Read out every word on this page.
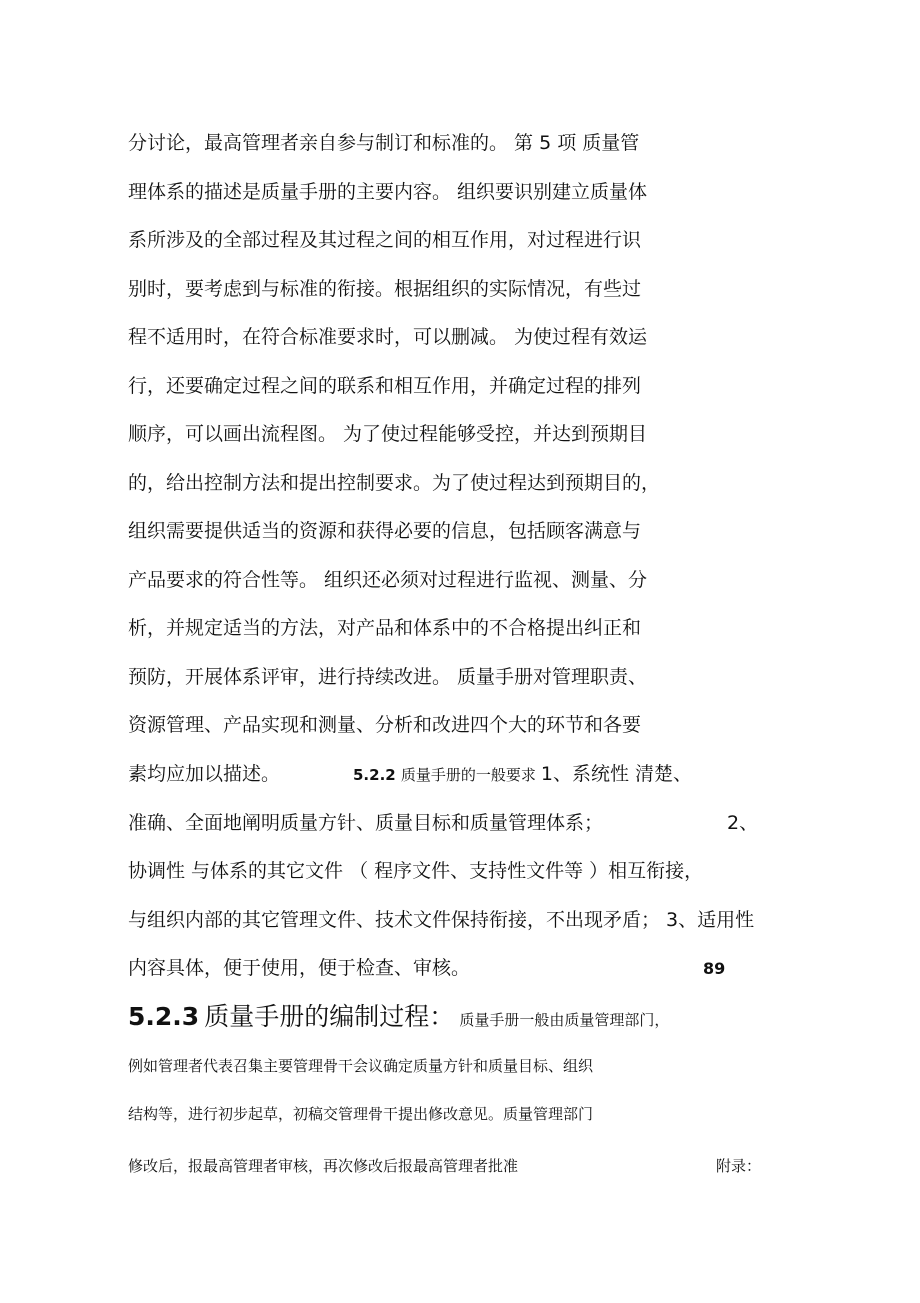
分讨论，最高管理者亲自参与制订和标准的。 第 5 项 质量管
理体系的描述是质量手册的主要内容。 组织要识别建立质量体
系所涉及的全部过程及其过程之间的相互作用，对过程进行识
别时，要考虑到与标准的衔接。根据组织的实际情况，有些过
程不适用时，在符合标准要求时，可以删减。 为使过程有效运
行，还要确定过程之间的联系和相互作用，并确定过程的排列
顺序，可以画出流程图。 为了使过程能够受控，并达到预期目
的，给出控制方法和提出控制要求。为了使过程达到预期目的，
组织需要提供适当的资源和获得必要的信息，包括顾客满意与
产品要求的符合性等。 组织还必须对过程进行监视、测量、分
析，并规定适当的方法，对产品和体系中的不合格提出纠正和
预防，开展体系评审，进行持续改进。 质量手册对管理职责、
资源管理、产品实现和测量、分析和改进四个大的环节和各要
素均应加以描述。	5.2.2 质量手册的一般要求 1、系统性 清楚、
准确、全面地阐明质量方针、质量目标和质量管理体系；	2、
协调性 与体系的其它文件 （ 程序文件、支持性文件等 ）相互衔接，
与组织内部的其它管理文件、技术文件保持衔接，不出现矛盾； 3、适用性
内容具体，便于使用，便于检查、审核。	89
5.2.3 质量手册的编制过程： 质量手册一般由质量管理部门，
例如管理者代表召集主要管理骨干会议确定质量方针和质量目标、组织
结构等，进行初步起草，初稿交管理骨干提出修改意见。质量管理部门
修改后，报最高管理者审核，再次修改后报最高管理者批准	附录：
